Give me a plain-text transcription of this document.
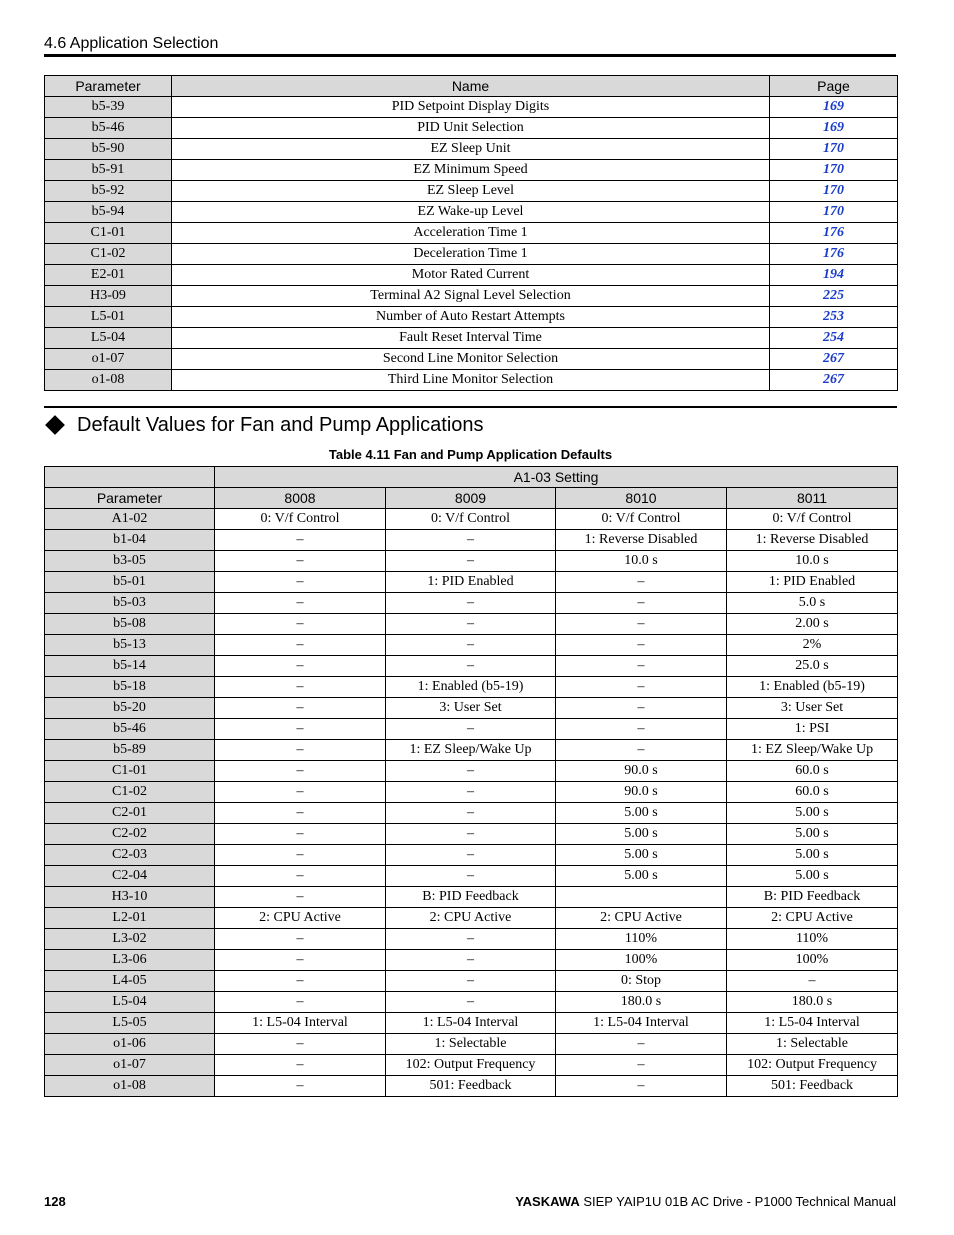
4.6 Application Selection
Parameter	Name	Page
b5-39	PID Setpoint Display Digits	169
b5-46	PID Unit Selection	169
b5-90	EZ Sleep Unit	170
b5-91	EZ Minimum Speed	170
b5-92	EZ Sleep Level	170
b5-94	EZ Wake-up Level	170
C1-01	Acceleration Time 1	176
C1-02	Deceleration Time 1	176
E2-01	Motor Rated Current	194
H3-09	Terminal A2 Signal Level Selection	225
L5-01	Number of Auto Restart Attempts	253
L5-04	Fault Reset Interval Time	254
o1-07	Second Line Monitor Selection	267
o1-08	Third Line Monitor Selection	267
Default Values for Fan and Pump Applications
Table 4.11 Fan and Pump Application Defaults
	A1-03 Setting			
Parameter	8008	8009	8010	8011
A1-02	0: V/f Control	0: V/f Control	0: V/f Control	0: V/f Control
b1-04	–	–	1: Reverse Disabled	1: Reverse Disabled
b3-05	–	–	10.0 s	10.0 s
b5-01	–	1: PID Enabled	–	1: PID Enabled
b5-03	–	–	–	5.0 s
b5-08	–	–	–	2.00 s
b5-13	–	–	–	2%
b5-14	–	–	–	25.0 s
b5-18	–	1: Enabled (b5-19)	–	1: Enabled (b5-19)
b5-20	–	3: User Set	–	3: User Set
b5-46	–	–	–	1: PSI
b5-89	–	1: EZ Sleep/Wake Up	–	1: EZ Sleep/Wake Up
C1-01	–	–	90.0 s	60.0 s
C1-02	–	–	90.0 s	60.0 s
C2-01	–	–	5.00 s	5.00 s
C2-02	–	–	5.00 s	5.00 s
C2-03	–	–	5.00 s	5.00 s
C2-04	–	–	5.00 s	5.00 s
H3-10	–	B: PID Feedback		B: PID Feedback
L2-01	2: CPU Active	2: CPU Active	2: CPU Active	2: CPU Active
L3-02	–	–	110%	110%
L3-06	–	–	100%	100%
L4-05	–	–	0: Stop	–
L5-04	–	–	180.0 s	180.0 s
L5-05	1: L5-04 Interval	1: L5-04 Interval	1: L5-04 Interval	1: L5-04 Interval
o1-06	–	1: Selectable	–	1: Selectable
o1-07	–	102: Output Frequency	–	102: Output Frequency
o1-08	–	501: Feedback	–	501: Feedback
128	YASKAWA SIEP YAIP1U 01B AC Drive - P1000 Technical Manual
